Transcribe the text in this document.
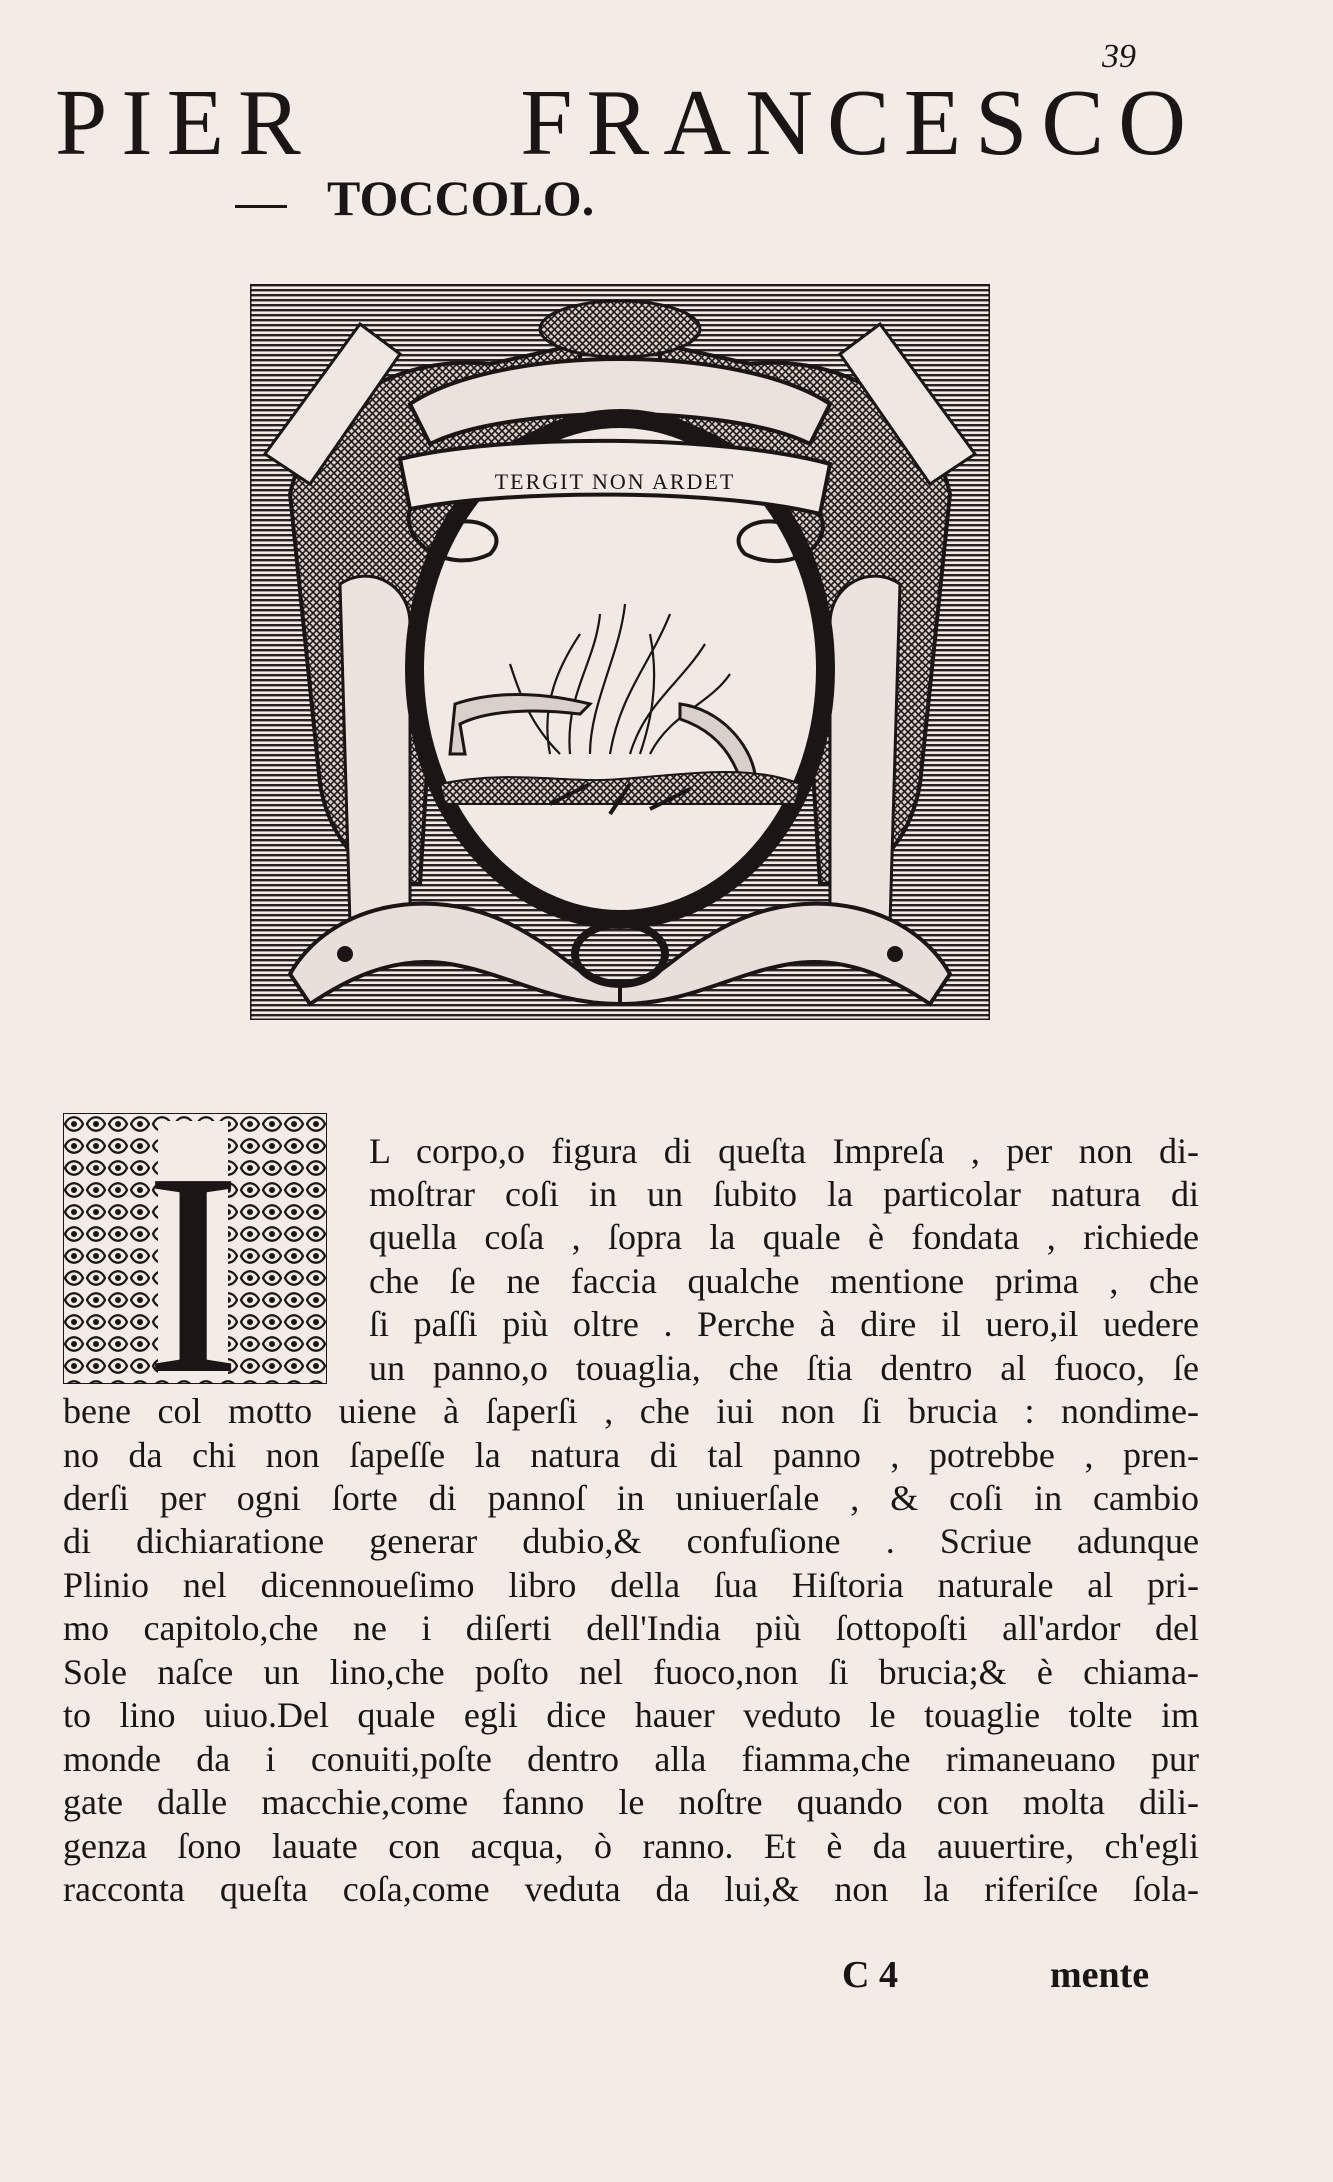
39
PIER FRANCESCO
TOCCOLO.
TERGIT NON ARDET
I	L corpo,o figura di queſta Impreſa , per non di-
moſtrar coſi in un ſubito la particolar natura di
quella coſa , ſopra la quale è fondata , richiede
che ſe ne faccia qualche mentione prima , che
ſi paſſi più oltre . Perche à dire il uero,il uedere
un panno,o touaglia, che ſtia dentro al fuoco, ſe
bene col motto uiene à ſaperſi , che iui non ſi brucia : nondime-
no da chi non ſapeſſe la natura di tal panno , potrebbe , pren-
derſi per ogni ſorte di pannoſ in uniuerſale , & coſi in cambio
di dichiaratione generar dubio,& confuſione . Scriue adunque
Plinio nel dicennoueſimo libro della ſua Hiſtoria naturale al pri-
mo capitolo,che ne i diſerti dell'India più ſottopoſti all'ardor del
Sole naſce un lino,che poſto nel fuoco,non ſi brucia;& è chiama-
to lino uiuo.Del quale egli dice hauer veduto le touaglie tolte im
monde da i conuiti,poſte dentro alla fiamma,che rimaneuano pur
gate dalle macchie,come fanno le noſtre quando con molta dili-
genza ſono lauate con acqua, ò ranno. Et è da auuertire, ch'egli
racconta queſta coſa,come veduta da lui,& non la riferiſce ſola-
C 4	mente
